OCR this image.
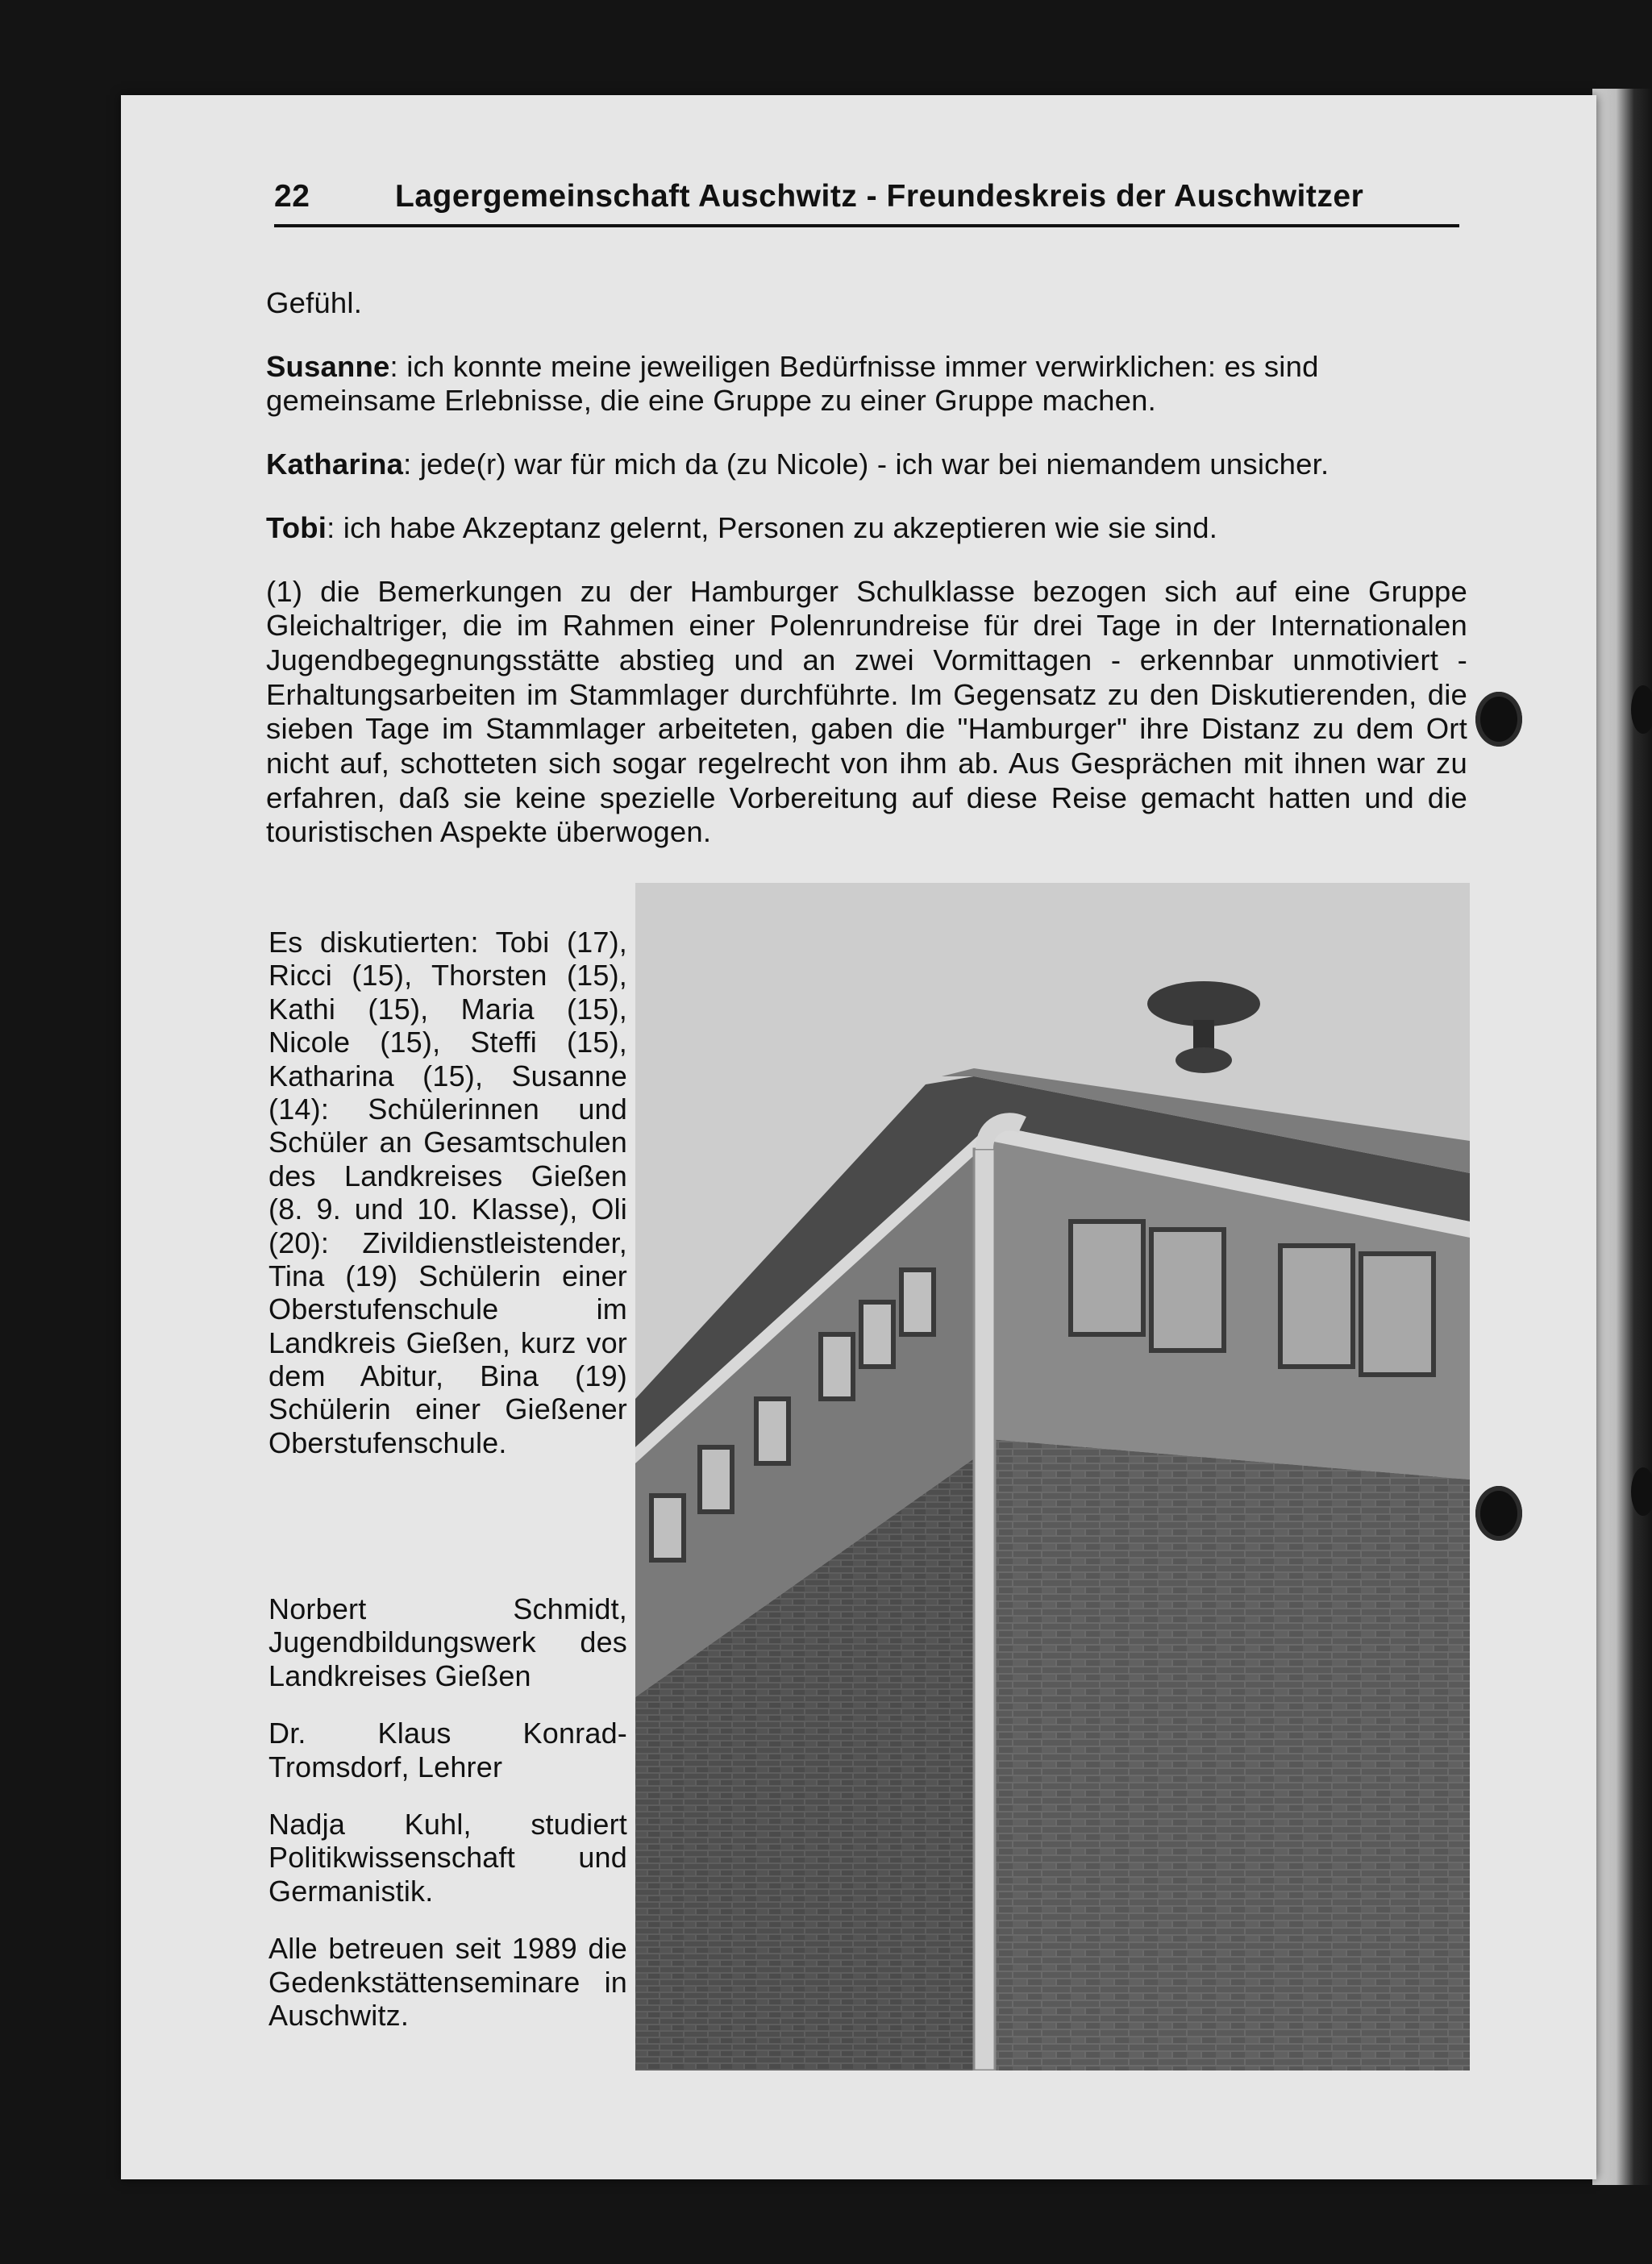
22	Lagergemeinschaft Auschwitz - Freundeskreis der Auschwitzer

Gefühl.

Susanne: ich konnte meine jeweiligen Bedürfnisse immer verwirklichen: es sind gemeinsame Erlebnisse, die eine Gruppe zu einer Gruppe machen.

Katharina: jede(r) war für mich da (zu Nicole) - ich war bei niemandem unsicher.

Tobi: ich habe Akzeptanz gelernt, Personen zu akzeptieren wie sie sind.

(1) die Bemerkungen zu der Hamburger Schulklasse bezogen sich auf eine Gruppe Gleichaltriger, die im Rahmen einer Polenrundreise für drei Tage in der Internationalen Jugendbegegnungsstätte abstieg und an zwei Vormittagen - erkennbar unmotiviert - Erhaltungsarbeiten im Stammlager durchführte. Im Gegensatz zu den Diskutierenden, die sieben Tage im Stammlager arbeiteten, gaben die "Hamburger" ihre Distanz zu dem Ort nicht auf, schotteten sich sogar regelrecht von ihm ab. Aus Gesprächen mit ihnen war zu erfahren, daß sie keine spezielle Vorbereitung auf diese Reise gemacht hatten und die touristischen Aspekte überwogen.

Es diskutierten: Tobi (17), Ricci (15), Thorsten (15), Kathi (15), Maria (15), Nicole (15), Steffi (15), Katharina (15), Susanne (14): Schülerinnen und Schüler an Gesamtschulen des Landkreises Gießen (8. 9. und 10. Klasse), Oli (20): Zivildienstleistender, Tina (19) Schülerin einer Oberstufenschule im Landkreis Gießen, kurz vor dem Abitur, Bina (19) Schülerin einer Gießener Oberstufenschule.

Norbert Schmidt, Jugendbildungswerk des Landkreises Gießen

Dr. Klaus Konrad-Tromsdorf, Lehrer

Nadja Kuhl, studiert Politikwissenschaft und Germanistik.

Alle betreuen seit 1989 die Gedenkstättenseminare in Auschwitz.
